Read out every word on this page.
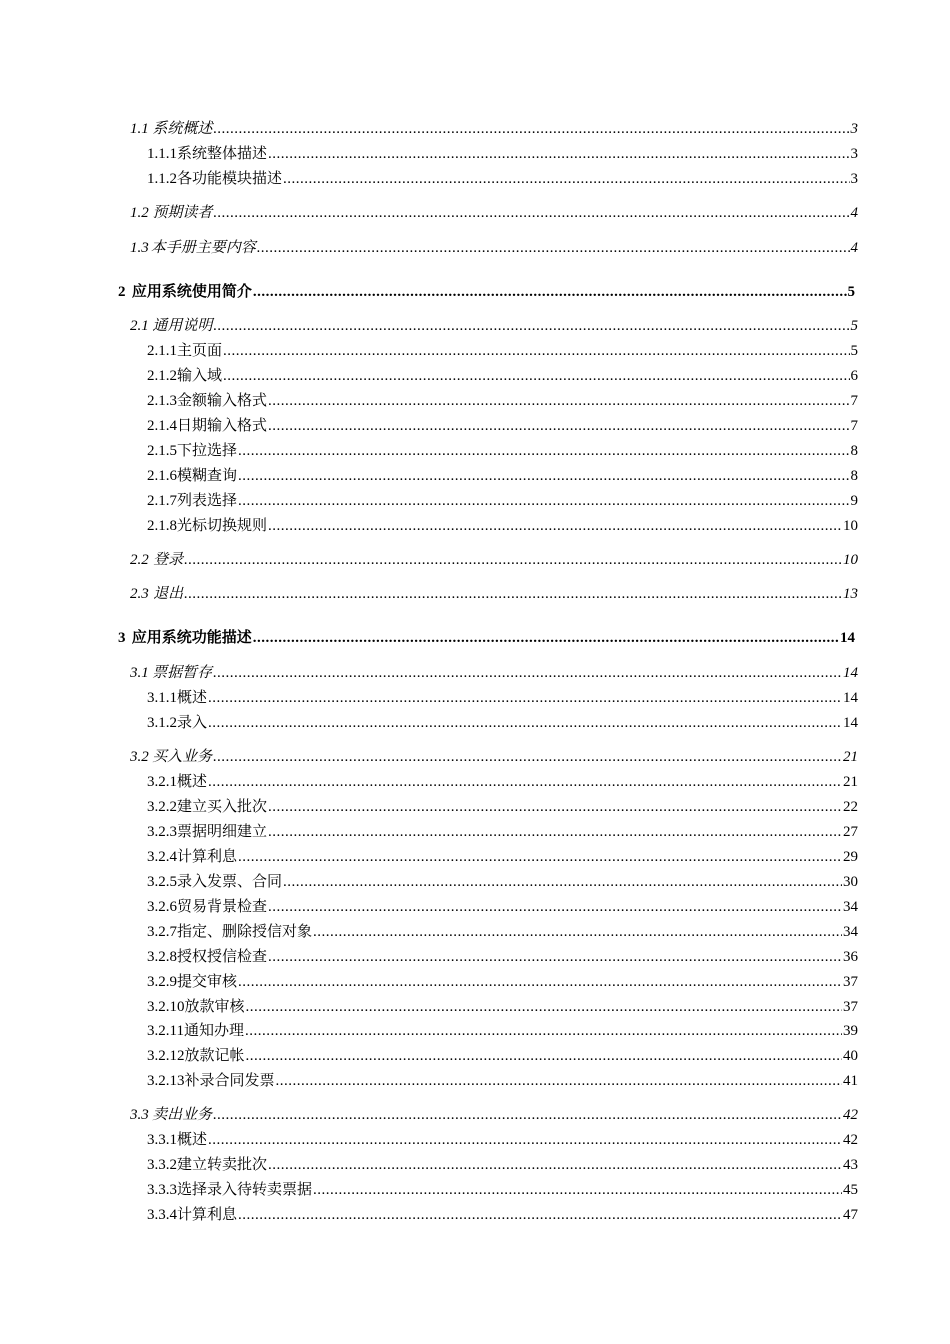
1.1 系统概述 .....	3
1.1.1 系统整体描述 .....	3
1.1.2 各功能模块描述 .....	3
1.2 预期读者 .....	4
1.3 本手册主要内容 .....	4
2 应用系统使用简介 .....	5
2.1 通用说明 .....	5
2.1.1 主页面 .....	5
2.1.2 输入域 .....	6
2.1.3 金额输入格式 .....	7
2.1.4 日期输入格式 .....	7
2.1.5 下拉选择 .....	8
2.1.6 模糊查询 .....	8
2.1.7 列表选择 .....	9
2.1.8 光标切换规则 .....	10
2.2 登录 .....	10
2.3 退出 .....	13
3 应用系统功能描述 .....	14
3.1 票据暂存 .....	14
3.1.1 概述 .....	14
3.1.2 录入 .....	14
3.2 买入业务 .....	21
3.2.1 概述 .....	21
3.2.2 建立买入批次 .....	22
3.2.3 票据明细建立 .....	27
3.2.4 计算利息 .....	29
3.2.5 录入发票、合同 .....	30
3.2.6 贸易背景检查 .....	34
3.2.7 指定、删除授信对象 .....	34
3.2.8 授权授信检查 .....	36
3.2.9 提交审核 .....	37
3.2.10 放款审核 .....	37
3.2.11 通知办理 .....	39
3.2.12 放款记帐 .....	40
3.2.13 补录合同发票 .....	41
3.3 卖出业务 .....	42
3.3.1 概述 .....	42
3.3.2 建立转卖批次 .....	43
3.3.3 选择录入待转卖票据 .....	45
3.3.4 计算利息 .....	47
